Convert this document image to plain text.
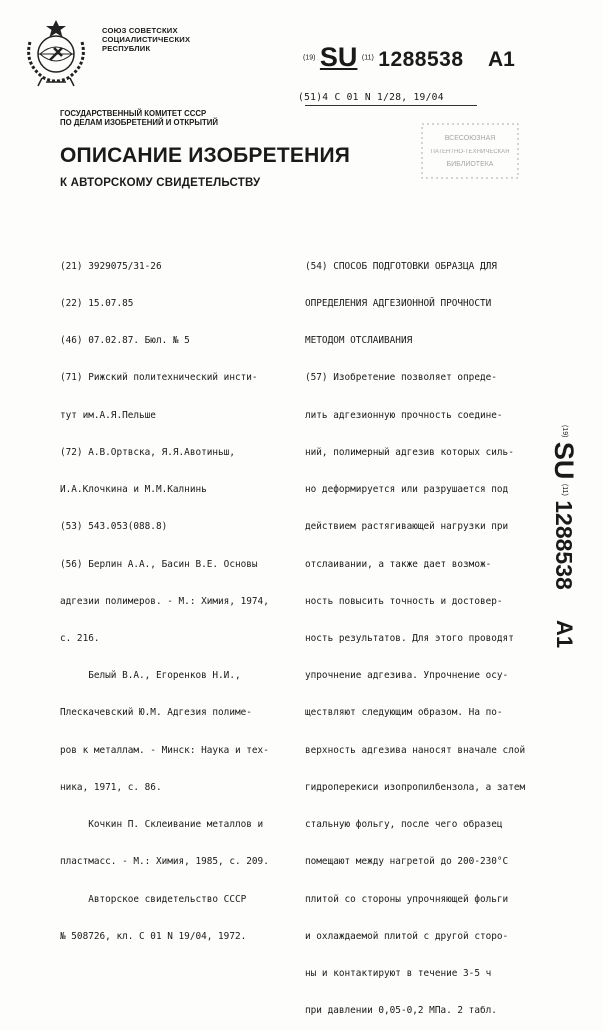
СОЮЗ СОВЕТСКИХ
СОЦИАЛИСТИЧЕСКИХ
РЕСПУБЛИК
$^{(19)}$ SU $^{(11)}$ 1288538 A1
(51)4 С 01 N 1/28, 19/04
ГОСУДАРСТВЕННЫЙ КОМИТЕТ СССР
ПО ДЕЛАМ ИЗОБРЕТЕНИЙ И ОТКРЫТИЙ
ВСЕСОЮЗНАЯ
ПАТЕНТНО-ТЕХНИЧЕСКАЯ
БИБЛИОТЕКА
ОПИСАНИЕ ИЗОБРЕТЕНИЯ
К АВТОРСКОМУ СВИДЕТЕЛЬСТВУ

(21) 3929075/31-26

(22) 15.07.85

(46) 07.02.87. Бюл. № 5

(71) Рижский политехнический инсти-

тут им.А.Я.Пельше

(72) А.В.Ортвска, Я.Я.Авотиньш,

И.А.Клочкина и М.М.Калнинь

(53) 543.053(088.8)

(56) Берлин А.А., Басин В.Е. Основы

адгезии полимеров. - М.: Химия, 1974,

с. 216.

Белый В.А., Егоренков Н.И.,

Плескачевский Ю.М. Адгезия полиме-

ров к металлам. - Минск: Наука и тех-

ника, 1971, с. 86.

Кочкин П. Склеивание металлов и

пластмасс. - М.: Химия, 1985, с. 209.

Авторское свидетельство СССР

№ 508726, кл. С 01 N 19/04, 1972.

(54) СПОСОБ ПОДГОТОВКИ ОБРАЗЦА ДЛЯ

ОПРЕДЕЛЕНИЯ АДГЕЗИОННОЙ ПРОЧНОСТИ

МЕТОДОМ ОТСЛАИВАНИЯ

(57) Изобретение позволяет опреде-

лить адгезионную прочность соедине-

ний, полимерный адгезив которых силь-

но деформируется или разрушается под

действием растягивающей нагрузки при

отслаивании, а также дает возмож-

ность повысить точность и достовер-

ность результатов. Для этого проводят

упрочнение адгезива. Упрочнение осу-

ществляют следующим образом. На по-

верхность адгезива наносят вначале слой

гидроперекиси изопропилбензола, а затем

стальную фольгу, после чего образец

помещают между нагретой до 200-230°С

плитой со стороны упрочняющей фольги

и охлаждаемой плитой с другой сторо-

ны и контактируют в течение 3-5 ч

при давлении 0,05-0,2 МПа. 2 табл.

(19) SU (11) 1288538 A1
